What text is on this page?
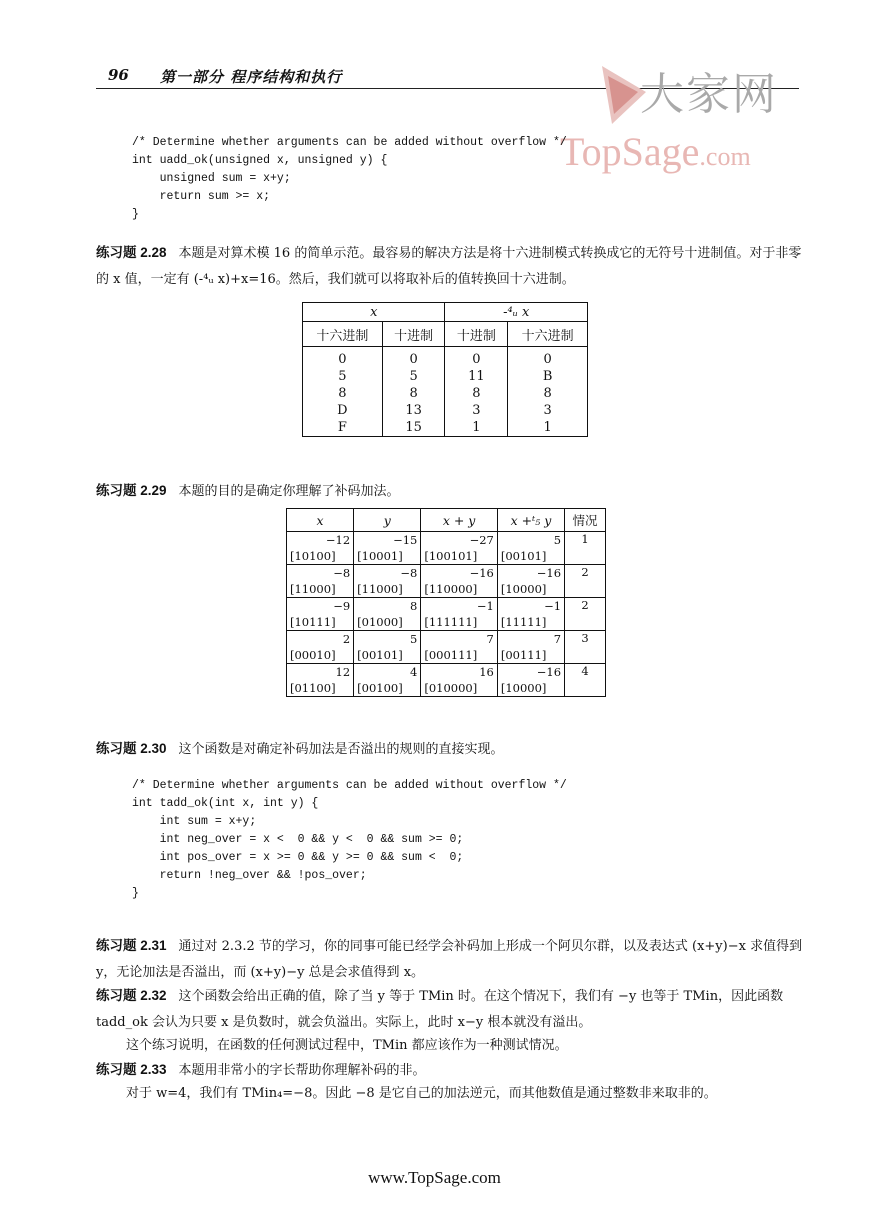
96 第一部分 程序结构和执行	大家网
TopSage.com
/* Determine whether arguments can be added without overflow */
int uadd_ok(unsigned x, unsigned y) {
unsigned sum = x+y;
return sum >= x;
}
练习题 2.28 本题是对算术模 16 的简单示范。最容易的解决方法是将十六进制模式转换成它的无符号十进制值。对于非零的 x 值，一定有 (-⁴ᵤ x)+x=16。然后，我们就可以将取补后的值转换回十六进制。
x		-⁴ᵤ x	
十六进制	十进制	十进制	十六进制
0	0	0	0
5	5	11	B
8	8	8	8
D	13	3	3
F	15	1	1
练习题 2.29 本题的目的是确定你理解了补码加法。
x	y	x + y	x +ᵗ₅ y	情况
−12	−15	−27	5	1
[10100]	[10001]	[100101]	[00101]	
−8	−8	−16	−16	2
[11000]	[11000]	[110000]	[10000]	
−9	8	−1	−1	2
[10111]	[01000]	[111111]	[11111]	
2	5	7	7	3
[00010]	[00101]	[000111]	[00111]	
12	4	16	−16	4
[01100]	[00100]	[010000]	[10000]	
练习题 2.30 这个函数是对确定补码加法是否溢出的规则的直接实现。
/* Determine whether arguments can be added without overflow */
int tadd_ok(int x, int y) {
int sum = x+y;
int neg_over = x <  0 && y <  0 && sum >= 0;
int pos_over = x >= 0 && y >= 0 && sum <  0;
return !neg_over && !pos_over;
}
练习题 2.31 通过对 2.3.2 节的学习，你的同事可能已经学会补码加上形成一个阿贝尔群，以及表达式 (x+y)−x 求值得到 y，无论加法是否溢出，而 (x+y)−y 总是会求值得到 x。
练习题 2.32 这个函数会给出正确的值，除了当 y 等于 TMin 时。在这个情况下，我们有 −y 也等于 TMin，因此函数 tadd_ok 会认为只要 x 是负数时，就会负溢出。实际上，此时 x−y 根本就没有溢出。
这个练习说明，在函数的任何测试过程中，TMin 都应该作为一种测试情况。
练习题 2.33 本题用非常小的字长帮助你理解补码的非。
对于 w=4，我们有 TMin₄=−8。因此 −8 是它自己的加法逆元，而其他数值是通过整数非来取非的。
www.TopSage.com
